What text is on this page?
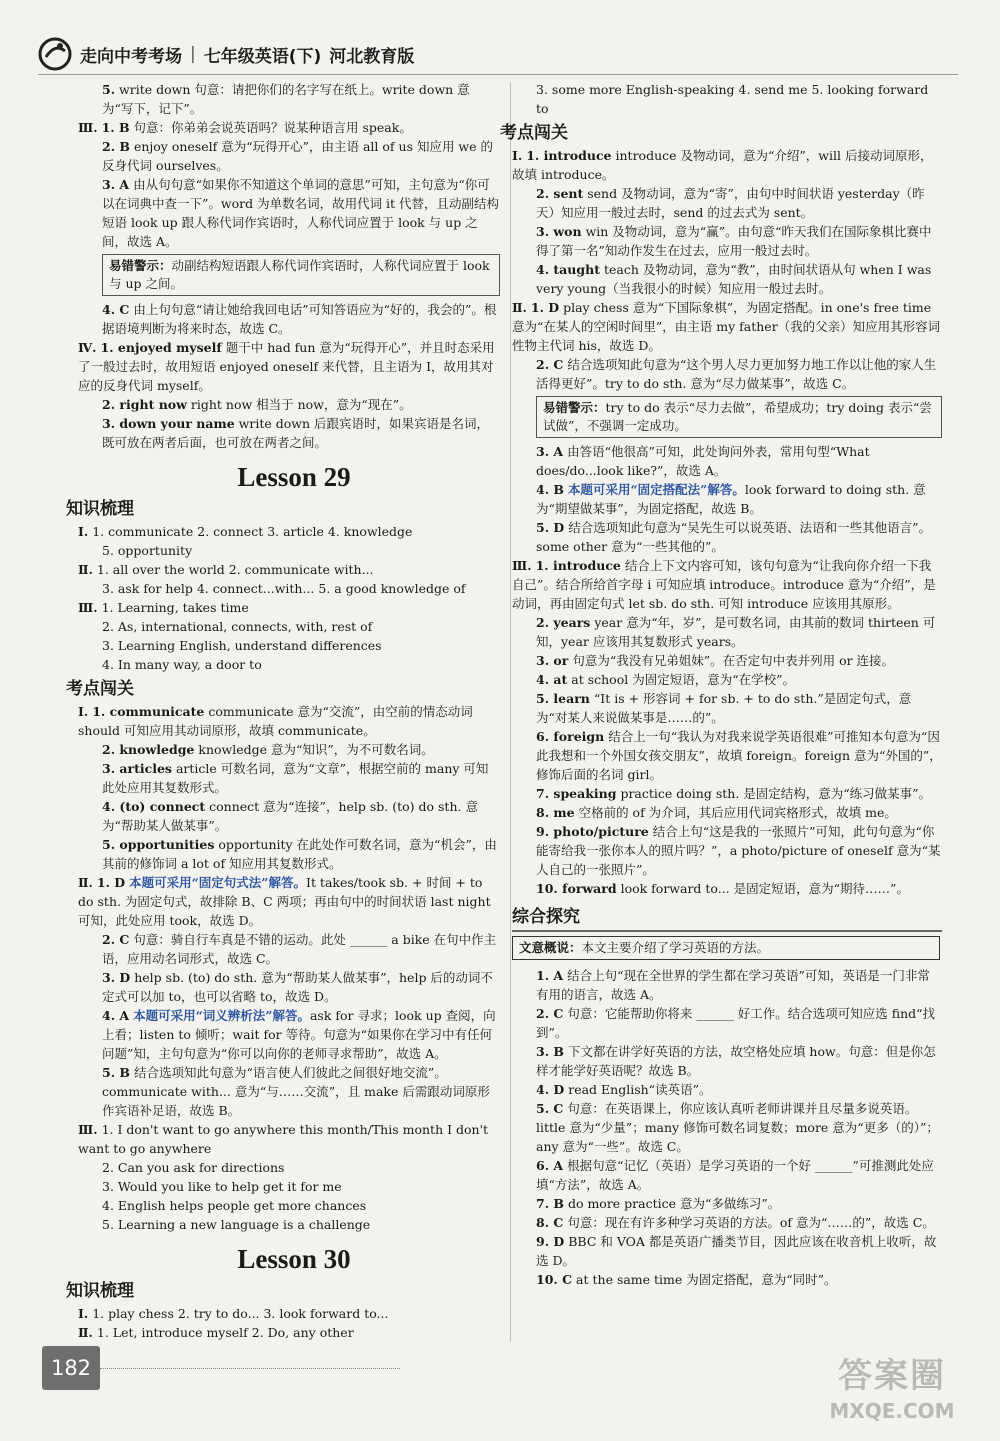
走向中考考场 | 七年级英语(下) 河北教育版

5. write down 句意：请把你们的名字写在纸上。write down 意为“写下，记下”。

Ⅲ. 1. B 句意：你弟弟会说英语吗？说某种语言用 speak。

2. B enjoy oneself 意为“玩得开心”，由主语 all of us 知应用 we 的反身代词 ourselves。

3. A 由从句句意“如果你不知道这个单词的意思”可知，主句意为“你可以在词典中查一下”。word 为单数名词，故用代词 it 代替，且动副结构短语 look up 跟人称代词作宾语时，人称代词应置于 look 与 up 之间，故选 A。

易错警示：动副结构短语跟人称代词作宾语时，人称代词应置于 look 与 up 之间。

4. C 由上句句意“请让她给我回电话”可知答语应为“好的，我会的”。根据语境判断为将来时态，故选 C。

Ⅳ. 1. enjoyed myself 题干中 had fun 意为“玩得开心”，并且时态采用了一般过去时，故用短语 enjoyed oneself 来代替，且主语为 I，故用其对应的反身代词 myself。

2. right now right now 相当于 now，意为“现在”。

3. down your name write down 后跟宾语时，如果宾语是名词，既可放在两者后面，也可放在两者之间。

Lesson 29
知识梳理

Ⅰ. 1. communicate 2. connect 3. article 4. knowledge

5. opportunity

Ⅱ. 1. all over the world 2. communicate with...

3. ask for help 4. connect...with... 5. a good knowledge of

Ⅲ. 1. Learning, takes time

2. As, international, connects, with, rest of

3. Learning English, understand differences

4. In many way, a door to

考点闯关

Ⅰ. 1. communicate communicate 意为“交流”，由空前的情态动词 should 可知应用其动词原形，故填 communicate。

2. knowledge knowledge 意为“知识”，为不可数名词。

3. articles article 可数名词，意为“文章”，根据空前的 many 可知此处应用其复数形式。

4. (to) connect connect 意为“连接”，help sb. (to) do sth. 意为“帮助某人做某事”。

5. opportunities opportunity 在此处作可数名词，意为“机会”，由其前的修饰词 a lot of 知应用其复数形式。

Ⅱ. 1. D 本题可采用“固定句式法”解答。It takes/took sb. + 时间 + to do sth. 为固定句式，故排除 B、C 两项；再由句中的时间状语 last night 可知，此处应用 took，故选 D。

2. C 句意：骑自行车真是不错的运动。此处 ______ a bike 在句中作主语，应用动名词形式，故选 C。

3. D help sb. (to) do sth. 意为“帮助某人做某事”，help 后的动词不定式可以加 to，也可以省略 to，故选 D。

4. A 本题可采用“词义辨析法”解答。ask for 寻求；look up 查阅，向上看；listen to 倾听；wait for 等待。句意为“如果你在学习中有任何问题”知，主句句意为“你可以向你的老师寻求帮助”，故选 A。

5. B 结合选项知此句意为“语言使人们彼此之间很好地交流”。communicate with... 意为“与……交流”，且 make 后需跟动词原形作宾语补足语，故选 B。

Ⅲ. 1. I don't want to go anywhere this month/This month I don't want to go anywhere

2. Can you ask for directions

3. Would you like to help get it for me

4. English helps people get more chances

5. Learning a new language is a challenge

Lesson 30
知识梳理

Ⅰ. 1. play chess 2. try to do... 3. look forward to...

Ⅱ. 1. Let, introduce myself 2. Do, any other

3. some more English-speaking 4. send me 5. looking forward to

考点闯关

Ⅰ. 1. introduce introduce 及物动词，意为“介绍”，will 后接动词原形，故填 introduce。

2. sent send 及物动词，意为“寄”，由句中时间状语 yesterday（昨天）知应用一般过去时，send 的过去式为 sent。

3. won win 及物动词，意为“赢”。由句意“昨天我们在国际象棋比赛中得了第一名”知动作发生在过去，应用一般过去时。

4. taught teach 及物动词，意为“教”，由时间状语从句 when I was very young（当我很小的时候）知应用一般过去时。

Ⅱ. 1. D play chess 意为“下国际象棋”，为固定搭配。in one's free time 意为“在某人的空闲时间里”，由主语 my father（我的父亲）知应用其形容词性物主代词 his，故选 D。

2. C 结合选项知此句意为“这个男人尽力更加努力地工作以让他的家人生活得更好”。try to do sth. 意为“尽力做某事”，故选 C。

易错警示：try to do 表示“尽力去做”，希望成功；try doing 表示“尝试做”，不强调一定成功。

3. A 由答语“他很高”可知，此处询问外表，常用句型“What does/do...look like?”，故选 A。

4. B 本题可采用“固定搭配法”解答。look forward to doing sth. 意为“期望做某事”，为固定搭配，故选 B。

5. D 结合选项知此句意为“吴先生可以说英语、法语和一些其他语言”。some other 意为“一些其他的”。

Ⅲ. 1. introduce 结合上下文内容可知，该句句意为“让我向你介绍一下我自己”。结合所给首字母 i 可知应填 introduce。introduce 意为“介绍”，是动词，再由固定句式 let sb. do sth. 可知 introduce 应该用其原形。

2. years year 意为“年，岁”，是可数名词，由其前的数词 thirteen 可知，year 应该用其复数形式 years。

3. or 句意为“我没有兄弟姐妹”。在否定句中表并列用 or 连接。

4. at at school 为固定短语，意为“在学校”。

5. learn “It is + 形容词 + for sb. + to do sth.”是固定句式，意为“对某人来说做某事是……的”。

6. foreign 结合上一句“我认为对我来说学英语很难”可推知本句意为“因此我想和一个外国女孩交朋友”，故填 foreign。foreign 意为“外国的”，修饰后面的名词 girl。

7. speaking practice doing sth. 是固定结构，意为“练习做某事”。

8. me 空格前的 of 为介词，其后应用代词宾格形式，故填 me。

9. photo/picture 结合上句“这是我的一张照片”可知，此句句意为“你能寄给我一张你本人的照片吗？”，a photo/picture of oneself 意为“某人自己的一张照片”。

10. forward look forward to... 是固定短语，意为“期待……”。

综合探究
文意概说：本文主要介绍了学习英语的方法。

1. A 结合上句“现在全世界的学生都在学习英语”可知，英语是一门非常有用的语言，故选 A。

2. C 句意：它能帮助你将来 ______ 好工作。结合选项可知应选 find“找到”。

3. B 下文都在讲学好英语的方法，故空格处应填 how。句意：但是你怎样才能学好英语呢？故选 B。

4. D read English“读英语”。

5. C 句意：在英语课上，你应该认真听老师讲课并且尽量多说英语。little 意为“少量”；many 修饰可数名词复数；more 意为“更多（的）”；any 意为“一些”。故选 C。

6. A 根据句意“记忆（英语）是学习英语的一个好 ______”可推测此处应填“方法”，故选 A。

7. B do more practice 意为“多做练习”。

8. C 句意：现在有许多种学习英语的方法。of 意为“……的”，故选 C。

9. D BBC 和 VOA 都是英语广播类节目，因此应该在收音机上收听，故选 D。

10. C at the same time 为固定搭配，意为“同时”。

182	答案圈
MXQE.COM
